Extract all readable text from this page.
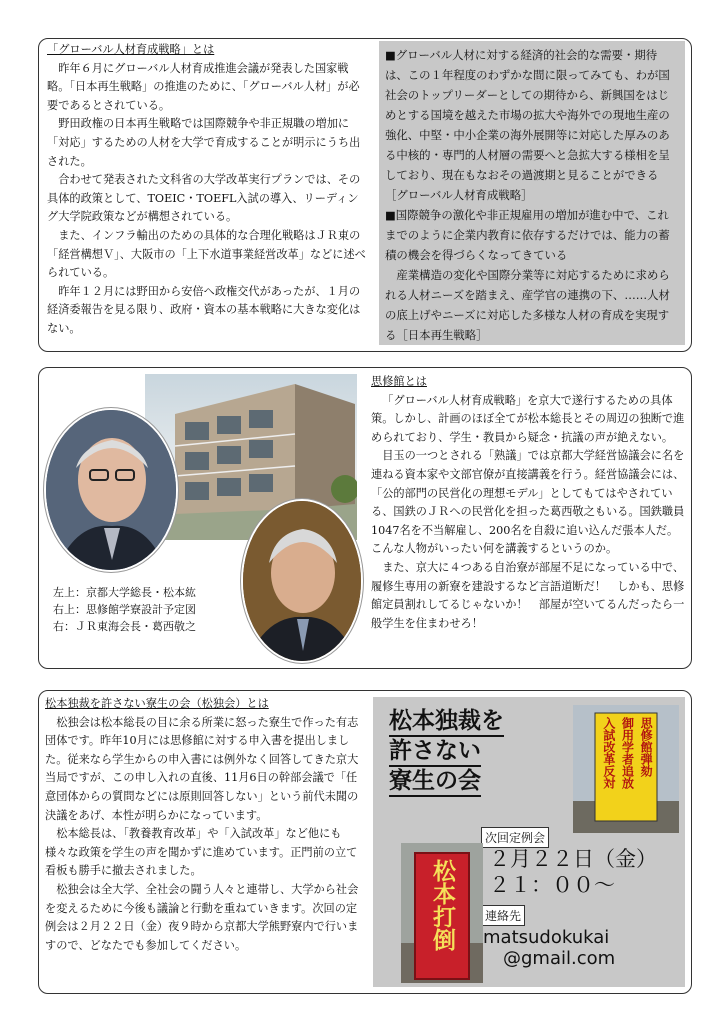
「グローバル人材育成戦略」とは

昨年６月にグローバル人材育成推進会議が発表した国家戦略。「日本再生戦略」の推進のために、「グローバル人材」が必要であるとされている。

野田政権の日本再生戦略では国際競争や非正規職の増加に「対応」するための人材を大学で育成することが明示にうち出された。

合わせて発表された文科省の大学改革実行プランでは、その具体的政策として、TOEIC・TOEFL入試の導入、リーディング大学院政策などが構想されている。

また、インフラ輸出のための具体的な合理化戦略はＪＲ東の「経営構想Ｖ」、大阪市の「上下水道事業経営改革」などに述べられている。

昨年１２月には野田から安倍へ政権交代があったが、１月の経済委報告を見る限り、政府・資本の基本戦略に大きな変化はない。

■グローバル人材に対する経済的社会的な需要・期待は、この１年程度のわずかな間に限ってみても、わが国社会のトップリーダーとしての期待から、新興国をはじめとする国境を越えた市場の拡大や海外での現地生産の強化、中堅・中小企業の海外展開等に対応した厚みのある中核的・専門的人材層の需要へと急拡大する様相を呈しており、現在もなおその過渡期と見ることができる［グローバル人材育成戦略］

■国際競争の激化や非正規雇用の増加が進む中で、これまでのように企業内教育に依存するだけでは、能力の蓄積の機会を得づらくなってきている

産業構造の変化や国際分業等に対応するために求められる人材ニーズを踏まえ、産学官の連携の下、……人材の底上げやニーズに対応した多様な人材の育成を実現する［日本再生戦略］

左上：京都大学総長・松本紘
右上：思修館学寮設計予定図
右：ＪＲ東海会長・葛西敬之
思修館とは

「グローバル人材育成戦略」を京大で遂行するための具体策。しかし、計画のほぼ全てが松本総長とその周辺の独断で進められており、学生・教員から疑念・抗議の声が絶えない。

目玉の一つとされる「熟議」では京都大学経営協議会に名を連ねる資本家や文部官僚が直接講義を行う。経営協議会には、「公的部門の民営化の理想モデル」としてもてはやされている、国鉄のＪＲへの民営化を担った葛西敬之もいる。国鉄職員1047名を不当解雇し、200名を自殺に追い込んだ張本人だ。こんな人物がいったい何を講義するというのか。

また、京大に４つある自治寮が部屋不足になっている中で、履修生専用の新寮を建設するなど言語道断だ！　しかも、思修館定員割れしてるじゃないか！　部屋が空いてるんだったら一般学生を住まわせろ！

松本独裁を許さない寮生の会（松独会）とは

松独会は松本総長の目に余る所業に怒った寮生で作った有志団体です。昨年10月には思修館に対する申入書を提出しました。従来なら学生からの申入書には例外なく回答してきた京大当局ですが、この申し入れの直後、11月6日の幹部会議で「任意団体からの質問などには原則回答しない」という前代未聞の決議をあげ、本性が明らかになっています。

松本総長は、「教養教育改革」や「入試改革」など他にも様々な政策を学生の声を聞かずに進めています。正門前の立て看板も勝手に撤去されました。

松独会は全大学、全社会の闘う人々と連帯し、大学から社会を変えるために今後も議論と行動を重ねていきます。次回の定例会は２月２２日（金）夜９時から京都大学熊野寮内で行いますので、どなたでも参加してください。

松本独裁を
許さない
寮生の会
思修館弾劾
御用学者追放
入試改革反対
次回定例会
２月２２日（金）
２１：００〜
連絡先
matsudokukai
@gmail.com
松本打倒
